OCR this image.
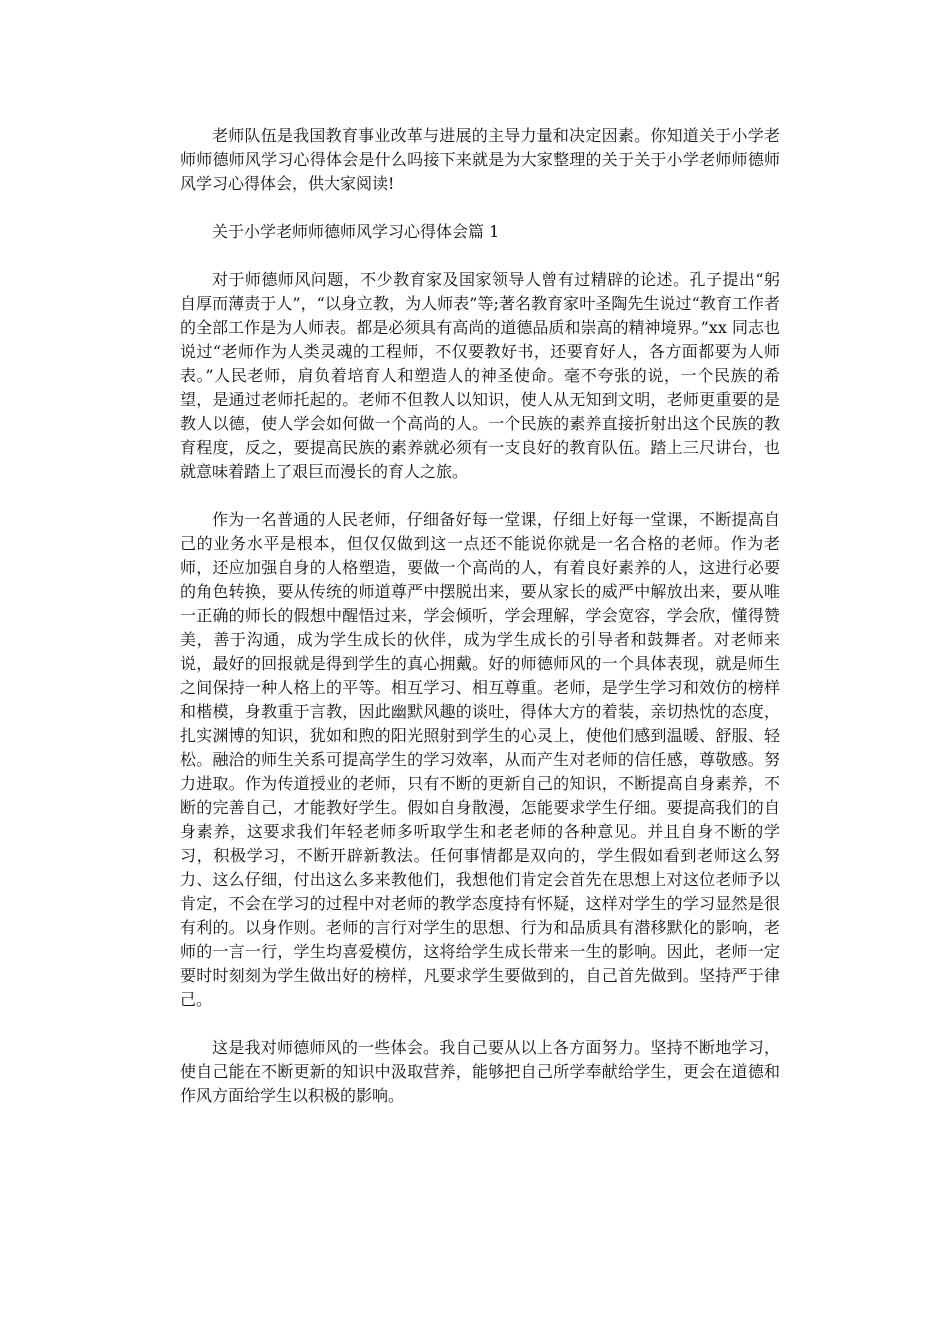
老师队伍是我国教育事业改革与进展的主导力量和决定因素。你知道关于小学老师师德师风学习心得体会是什么吗接下来就是为大家整理的关于关于小学老师师德师风学习心得体会，供大家阅读!

关于小学老师师德师风学习心得体会篇 1

对于师德师风问题，不少教育家及国家领导人曾有过精辟的论述。孔子提出“躬自厚而薄责于人”，“以身立教，为人师表”等;著名教育家叶圣陶先生说过“教育工作者的全部工作是为人师表。都是必须具有高尚的道德品质和崇高的精神境界。”xx 同志也说过“老师作为人类灵魂的工程师，不仅要教好书，还要育好人，各方面都要为人师表。”人民老师，肩负着培育人和塑造人的神圣使命。毫不夸张的说，一个民族的希望，是通过老师托起的。老师不但教人以知识，使人从无知到文明，老师更重要的是教人以德，使人学会如何做一个高尚的人。一个民族的素养直接折射出这个民族的教育程度，反之，要提高民族的素养就必须有一支良好的教育队伍。踏上三尺讲台，也就意味着踏上了艰巨而漫长的育人之旅。

作为一名普通的人民老师，仔细备好每一堂课，仔细上好每一堂课，不断提高自己的业务水平是根本，但仅仅做到这一点还不能说你就是一名合格的老师。作为老师，还应加强自身的人格塑造，要做一个高尚的人，有着良好素养的人，这进行必要的角色转换，要从传统的师道尊严中摆脱出来，要从家长的威严中解放出来，要从唯一正确的师长的假想中醒悟过来，学会倾听，学会理解，学会宽容，学会欣，懂得赞美，善于沟通，成为学生成长的伙伴，成为学生成长的引导者和鼓舞者。对老师来说，最好的回报就是得到学生的真心拥戴。好的师德师风的一个具体表现，就是师生之间保持一种人格上的平等。相互学习、相互尊重。老师，是学生学习和效仿的榜样和楷模，身教重于言教，因此幽默风趣的谈吐，得体大方的着装，亲切热忱的态度，扎实渊博的知识，犹如和煦的阳光照射到学生的心灵上，使他们感到温暖、舒服、轻松。融洽的师生关系可提高学生的学习效率，从而产生对老师的信任感，尊敬感。努力进取。作为传道授业的老师，只有不断的更新自己的知识，不断提高自身素养，不断的完善自己，才能教好学生。假如自身散漫，怎能要求学生仔细。要提高我们的自身素养，这要求我们年轻老师多听取学生和老老师的各种意见。并且自身不断的学习，积极学习，不断开辟新教法。任何事情都是双向的，学生假如看到老师这么努力、这么仔细，付出这么多来教他们，我想他们肯定会首先在思想上对这位老师予以肯定，不会在学习的过程中对老师的教学态度持有怀疑，这样对学生的学习显然是很有利的。以身作则。老师的言行对学生的思想、行为和品质具有潜移默化的影响，老师的一言一行，学生均喜爱模仿，这将给学生成长带来一生的影响。因此，老师一定要时时刻刻为学生做出好的榜样，凡要求学生要做到的，自己首先做到。坚持严于律己。

这是我对师德师风的一些体会。我自己要从以上各方面努力。坚持不断地学习，使自己能在不断更新的知识中汲取营养，能够把自己所学奉献给学生，更会在道德和作风方面给学生以积极的影响。
